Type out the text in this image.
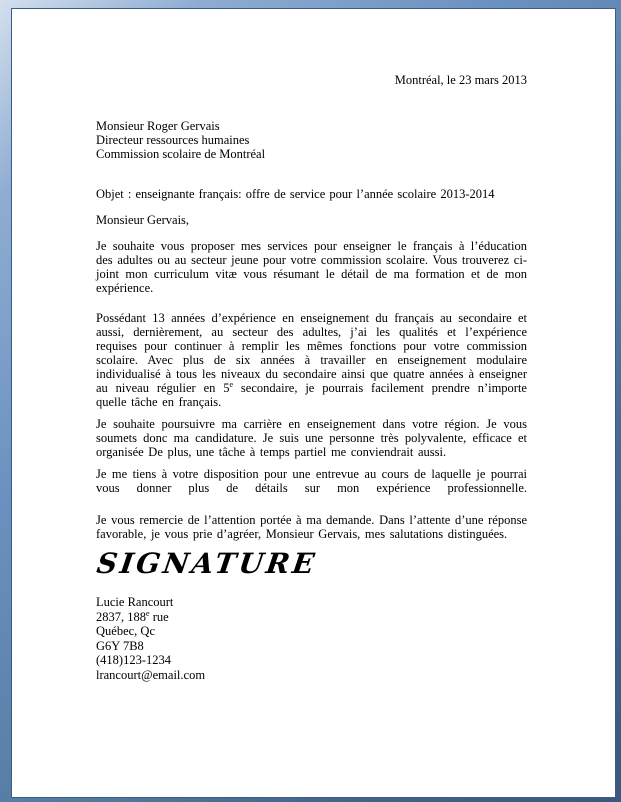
Montréal, le 23 mars 2013
Monsieur Roger Gervais
Directeur ressources humaines
Commission scolaire de Montréal
Objet : enseignante français: offre de service pour l’année scolaire 2013-2014
Monsieur Gervais,

Je souhaite vous proposer mes services pour enseigner le français à l’éducation des adultes ou au secteur jeune pour votre commission scolaire. Vous trouverez ci-joint mon curriculum vitæ vous résumant le détail de ma formation et de mon expérience.

Possédant 13 années d’expérience en enseignement du français au secondaire et aussi, dernièrement, au secteur des adultes, j’ai les qualités et l’expérience requises pour continuer à remplir les mêmes fonctions pour votre commission scolaire. Avec plus de six années à travailler en enseignement modulaire individualisé à tous les niveaux du secondaire ainsi que quatre années à enseigner au niveau régulier en 5e secondaire, je pourrais facilement prendre n’importe quelle tâche en français.

Je souhaite poursuivre ma carrière en enseignement dans votre région. Je vous soumets donc ma candidature. Je suis une personne très polyvalente, efficace et organisée De plus, une tâche à temps partiel me conviendrait aussi.

Je me tiens à votre disposition pour une entrevue au cours de laquelle je pourrai vous donner plus de détails sur mon expérience professionnelle.

Je vous remercie de l’attention portée à ma demande. Dans l’attente d’une réponse favorable, je vous prie d’agréer, Monsieur Gervais, mes salutations distinguées.

SIGNATURE
Lucie Rancourt
2837, 188e rue
Québec, Qc
G6Y 7B8
(418)123-1234
lrancourt@email.com
